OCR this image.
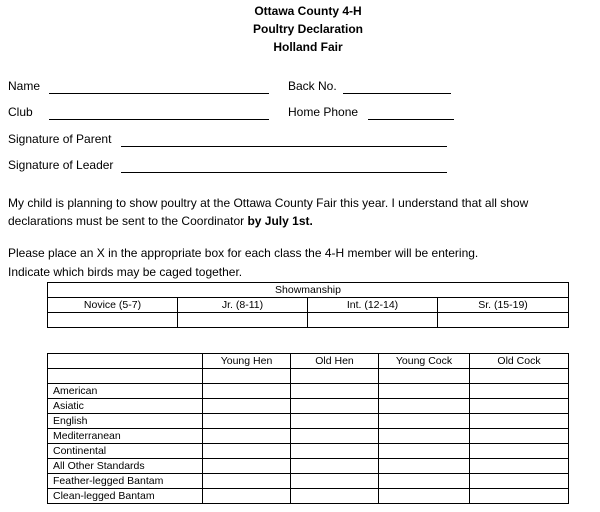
Ottawa County 4-H
Poultry Declaration
Holland Fair
Name	Back No.
Club	Home Phone
Signature of Parent
Signature of Leader
My child is planning to show poultry at the Ottawa County Fair this year. I understand that all show declarations must be sent to the Coordinator by July 1st.
Please place an X in the appropriate box for each class the 4-H member will be entering.
Indicate which birds may be caged together.
Showmanship			
Novice (5-7)	Jr. (8-11)	Int. (12-14)	Sr. (15-19)

	Young Hen	Old Hen	Young Cock	Old Cock

American				
Asiatic				
English				
Mediterranean				
Continental				
All Other Standards				
Feather-legged Bantam				
Clean-legged Bantam				
